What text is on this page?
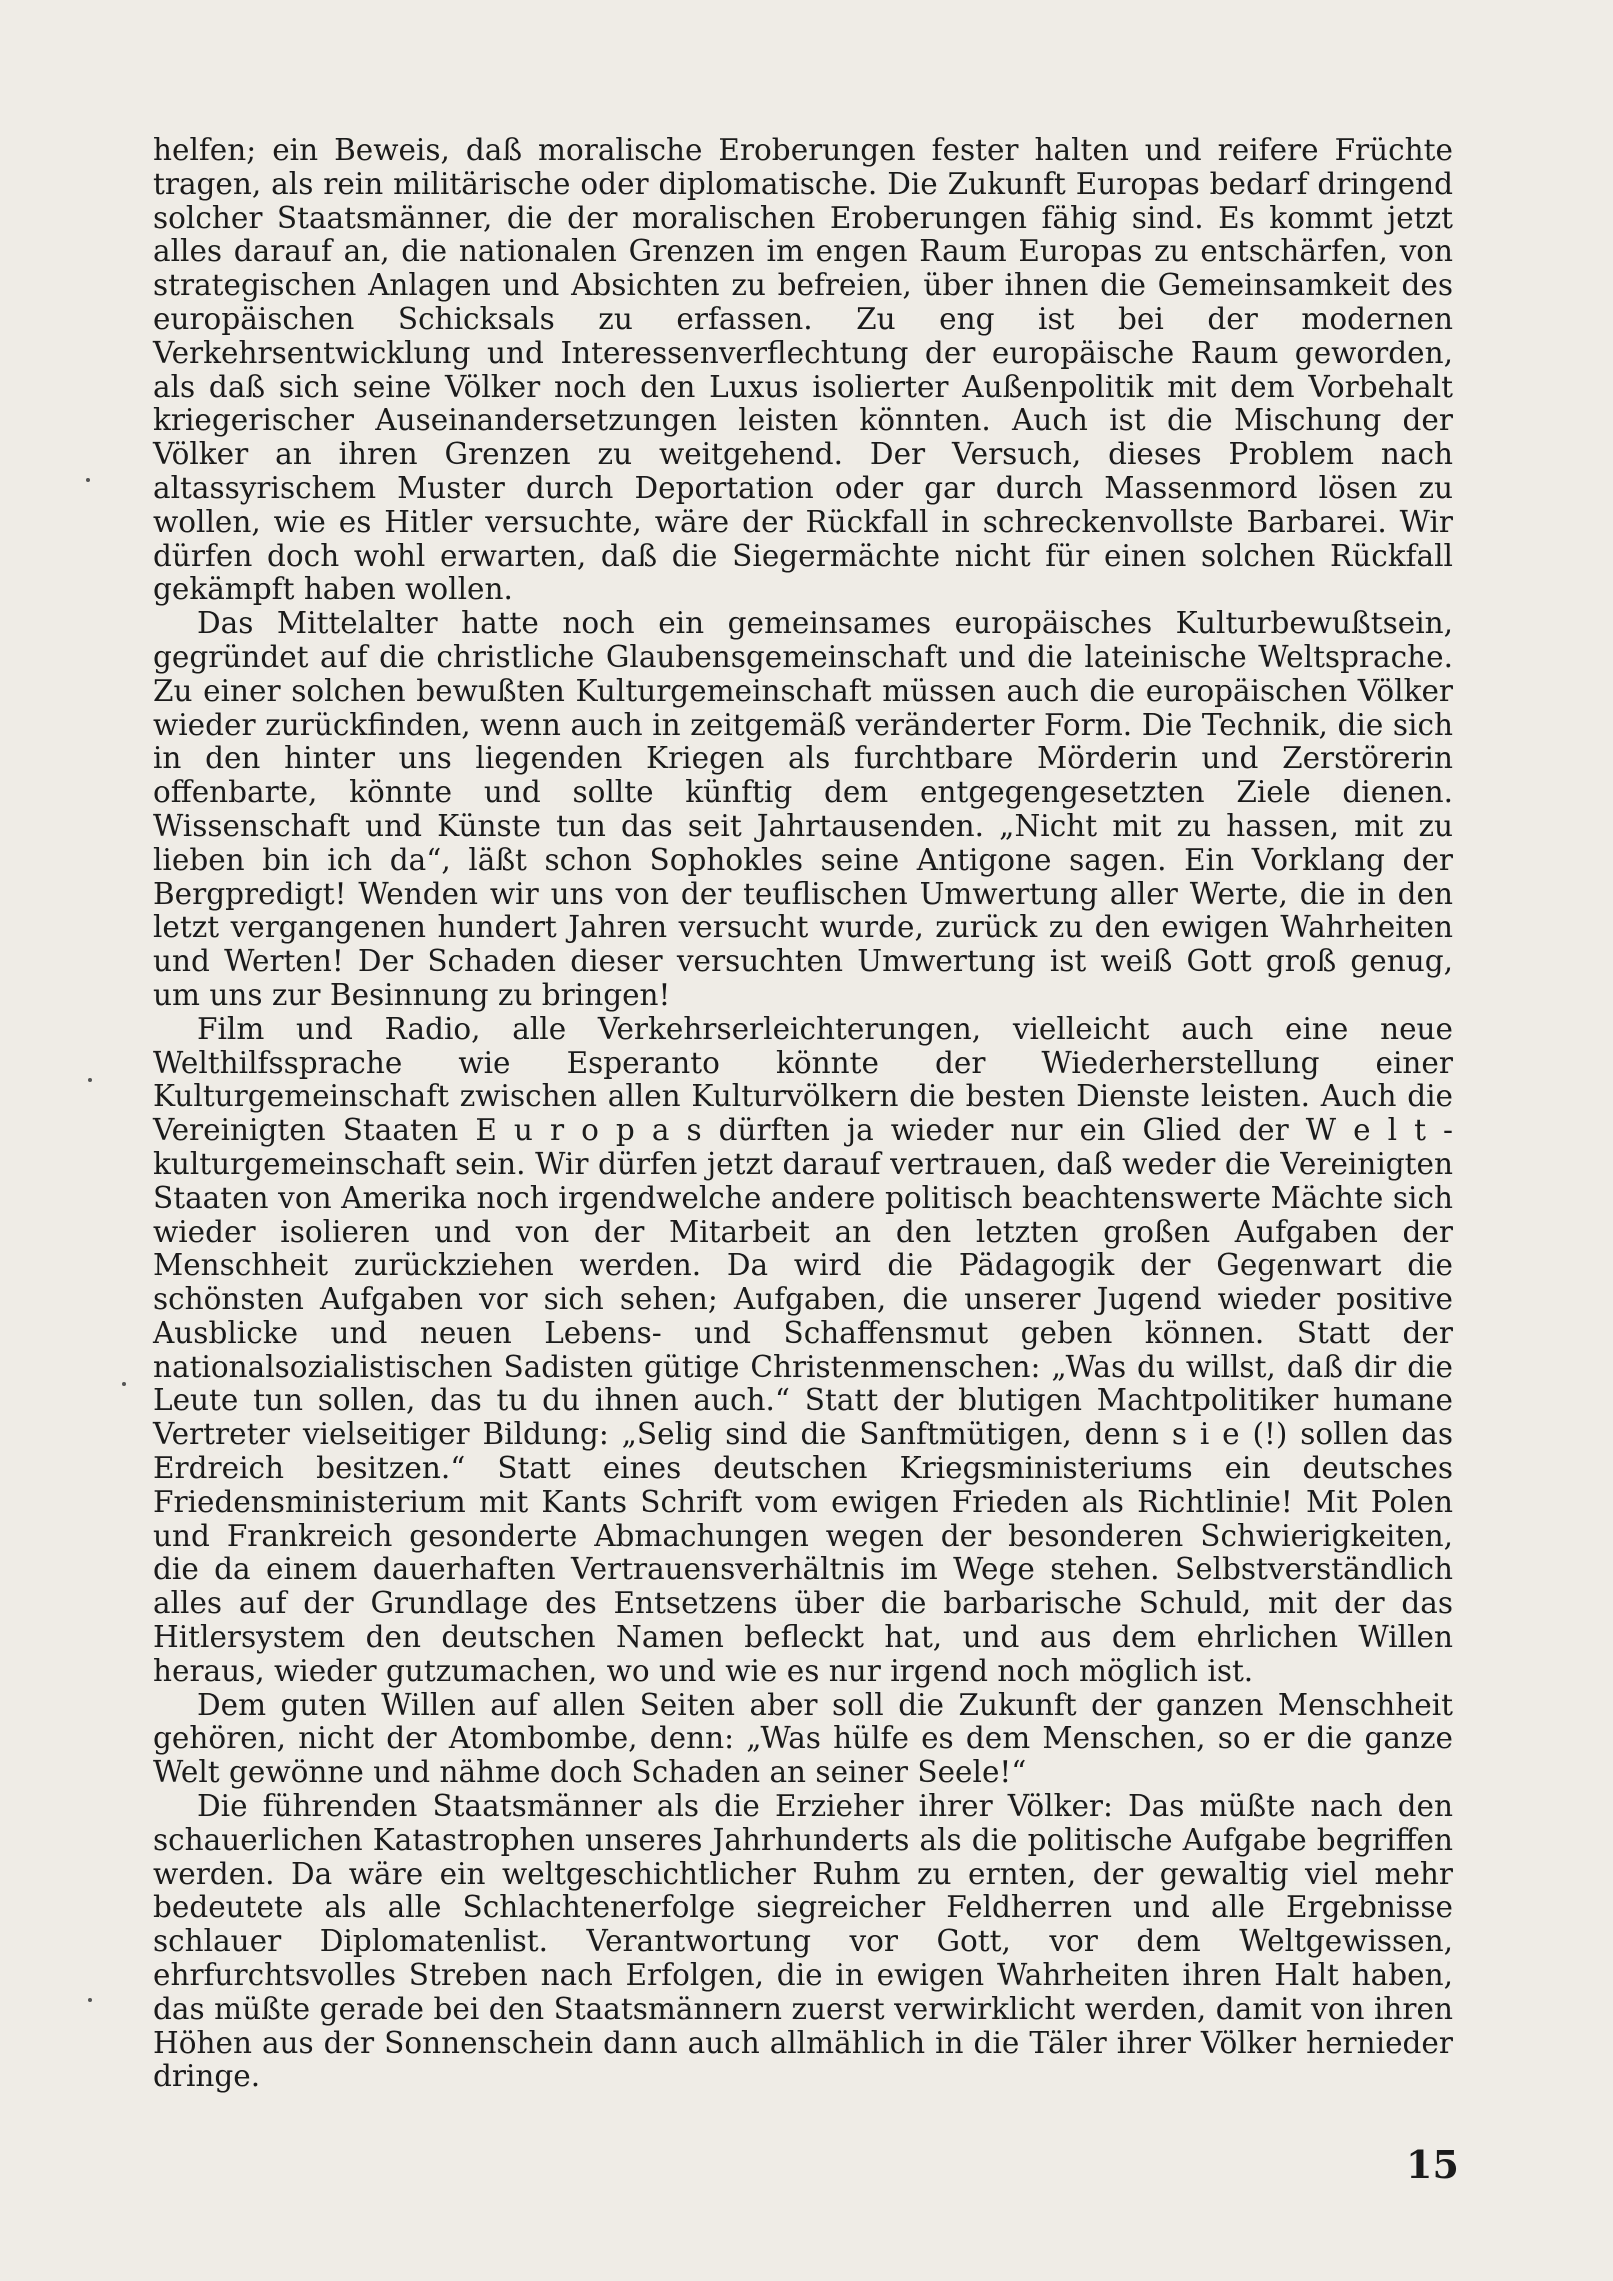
helfen; ein Beweis, daß moralische Eroberungen fester halten und reifere Früchte tragen, als rein militärische oder diplomatische. Die Zukunft Europas bedarf dringend solcher Staatsmänner, die der moralischen Eroberungen fähig sind. Es kommt jetzt alles darauf an, die nationalen Grenzen im engen Raum Europas zu entschärfen, von strategischen Anlagen und Absichten zu befreien, über ihnen die Gemeinsamkeit des europäischen Schicksals zu erfassen. Zu eng ist bei der modernen Verkehrsentwicklung und Interessenverflechtung der europäische Raum geworden, als daß sich seine Völker noch den Luxus isolierter Außenpolitik mit dem Vorbehalt kriegerischer Auseinandersetzungen leisten könnten. Auch ist die Mischung der Völker an ihren Grenzen zu weitgehend. Der Versuch, dieses Problem nach altassyrischem Muster durch Deportation oder gar durch Massenmord lösen zu wollen, wie es Hitler versuchte, wäre der Rückfall in schreckenvollste Barbarei. Wir dürfen doch wohl erwarten, daß die Siegermächte nicht für einen solchen Rückfall gekämpft haben wollen.

Das Mittelalter hatte noch ein gemeinsames europäisches Kulturbewußtsein, gegründet auf die christliche Glaubensgemeinschaft und die lateinische Weltsprache. Zu einer solchen bewußten Kulturgemeinschaft müssen auch die europäischen Völker wieder zurückfinden, wenn auch in zeitgemäß veränderter Form. Die Technik, die sich in den hinter uns liegenden Kriegen als furchtbare Mörderin und Zerstörerin offenbarte, könnte und sollte künftig dem entgegengesetzten Ziele dienen. Wissenschaft und Künste tun das seit Jahrtausenden. „Nicht mit zu hassen, mit zu lieben bin ich da“, läßt schon Sophokles seine Antigone sagen. Ein Vorklang der Bergpredigt! Wenden wir uns von der teuflischen Umwertung aller Werte, die in den letzt vergangenen hundert Jahren versucht wurde, zurück zu den ewigen Wahrheiten und Werten! Der Schaden dieser versuchten Umwertung ist weiß Gott groß genug, um uns zur Besinnung zu bringen!

Film und Radio, alle Verkehrserleichterungen, vielleicht auch eine neue Welthilfssprache wie Esperanto könnte der Wiederherstellung einer Kulturgemeinschaft zwischen allen Kulturvölkern die besten Dienste leisten. Auch die Vereinigten Staaten E u r o p a s dürften ja wieder nur ein Glied der W e l t - kulturgemeinschaft sein. Wir dürfen jetzt darauf vertrauen, daß weder die Vereinigten Staaten von Amerika noch irgendwelche andere politisch beachtenswerte Mächte sich wieder isolieren und von der Mitarbeit an den letzten großen Aufgaben der Menschheit zurückziehen werden. Da wird die Pädagogik der Gegenwart die schönsten Aufgaben vor sich sehen; Aufgaben, die unserer Jugend wieder positive Ausblicke und neuen Lebens- und Schaffensmut geben können. Statt der nationalsozialistischen Sadisten gütige Christenmenschen: „Was du willst, daß dir die Leute tun sollen, das tu du ihnen auch.“ Statt der blutigen Machtpolitiker humane Vertreter vielseitiger Bildung: „Selig sind die Sanftmütigen, denn s i e (!) sollen das Erdreich besitzen.“ Statt eines deutschen Kriegsministeriums ein deutsches Friedensministerium mit Kants Schrift vom ewigen Frieden als Richtlinie! Mit Polen und Frankreich gesonderte Abmachungen wegen der besonderen Schwierigkeiten, die da einem dauerhaften Vertrauensverhältnis im Wege stehen. Selbstverständlich alles auf der Grundlage des Entsetzens über die barbarische Schuld, mit der das Hitlersystem den deutschen Namen befleckt hat, und aus dem ehrlichen Willen heraus, wieder gutzumachen, wo und wie es nur irgend noch möglich ist.

Dem guten Willen auf allen Seiten aber soll die Zukunft der ganzen Menschheit gehören, nicht der Atombombe, denn: „Was hülfe es dem Menschen, so er die ganze Welt gewönne und nähme doch Schaden an seiner Seele!“

Die führenden Staatsmänner als die Erzieher ihrer Völker: Das müßte nach den schauerlichen Katastrophen unseres Jahrhunderts als die politische Aufgabe begriffen werden. Da wäre ein weltgeschichtlicher Ruhm zu ernten, der gewaltig viel mehr bedeutete als alle Schlachtenerfolge siegreicher Feldherren und alle Ergebnisse schlauer Diplomatenlist. Verantwortung vor Gott, vor dem Weltgewissen, ehrfurchtsvolles Streben nach Erfolgen, die in ewigen Wahrheiten ihren Halt haben, das müßte gerade bei den Staatsmännern zuerst verwirklicht werden, damit von ihren Höhen aus der Sonnenschein dann auch allmählich in die Täler ihrer Völker hernieder dringe.

15
